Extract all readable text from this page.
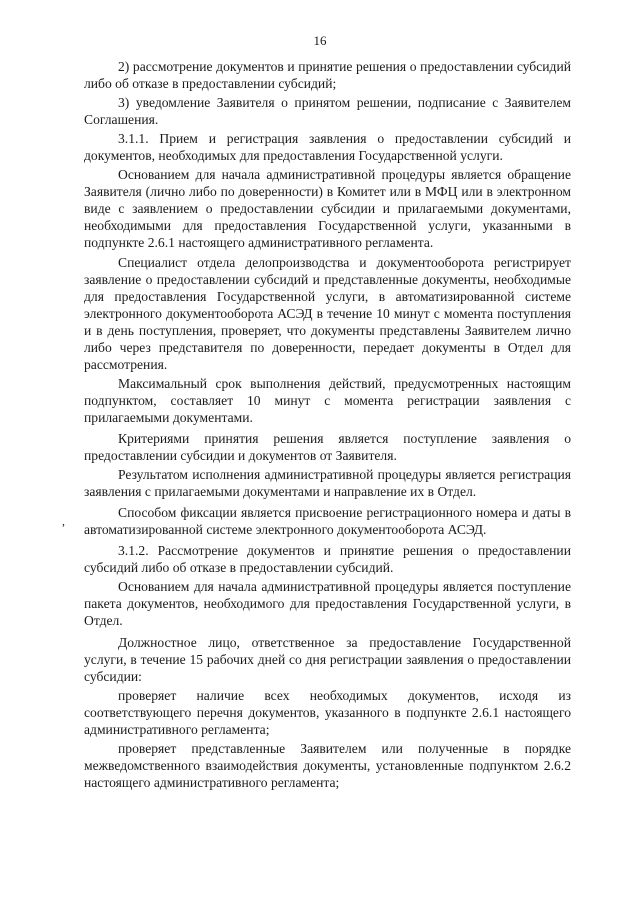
16

2) рассмотрение документов и принятие решения о предоставлении субсидий либо об отказе в предоставлении субсидий;

3) уведомление Заявителя о принятом решении, подписание с Заявителем Соглашения.

3.1.1. Прием и регистрация заявления о предоставлении субсидий и документов, необходимых для предоставления Государственной услуги.

Основанием для начала административной процедуры является обращение Заявителя (лично либо по доверенности) в Комитет или в МФЦ или в электронном виде с заявлением о предоставлении субсидии и прилагаемыми документами, необходимыми для предоставления Государственной услуги, указанными в подпункте 2.6.1 настоящего административного регламента.

Специалист отдела делопроизводства и документооборота регистрирует заявление о предоставлении субсидий и представленные документы, необходимые для предоставления Государственной услуги, в автоматизированной системе электронного документооборота АСЭД в течение 10 минут с момента поступления и в день поступления, проверяет, что документы представлены Заявителем лично либо через представителя по доверенности, передает документы в Отдел для рассмотрения.

Максимальный срок выполнения действий, предусмотренных настоящим подпунктом, составляет 10 минут с момента регистрации заявления с прилагаемыми документами.

Критериями принятия решения является поступление заявления о предоставлении субсидии и документов от Заявителя.

Результатом исполнения административной процедуры является регистрация заявления с прилагаемыми документами и направление их в Отдел.

Способом фиксации является присвоение регистрационного номера и даты в автоматизированной системе электронного документооборота АСЭД.

3.1.2. Рассмотрение документов и принятие решения о предоставлении субсидий либо об отказе в предоставлении субсидий.

Основанием для начала административной процедуры является поступление пакета документов, необходимого для предоставления Государственной услуги, в Отдел.

Должностное лицо, ответственное за предоставление Государственной услуги, в течение 15 рабочих дней со дня регистрации заявления о предоставлении субсидии:

проверяет наличие всех необходимых документов, исходя из соответствующего перечня документов, указанного в подпункте 2.6.1 настоящего административного регламента;

проверяет представленные Заявителем или полученные в порядке межведомственного взаимодействия документы, установленные подпунктом 2.6.2 настоящего административного регламента;

,
